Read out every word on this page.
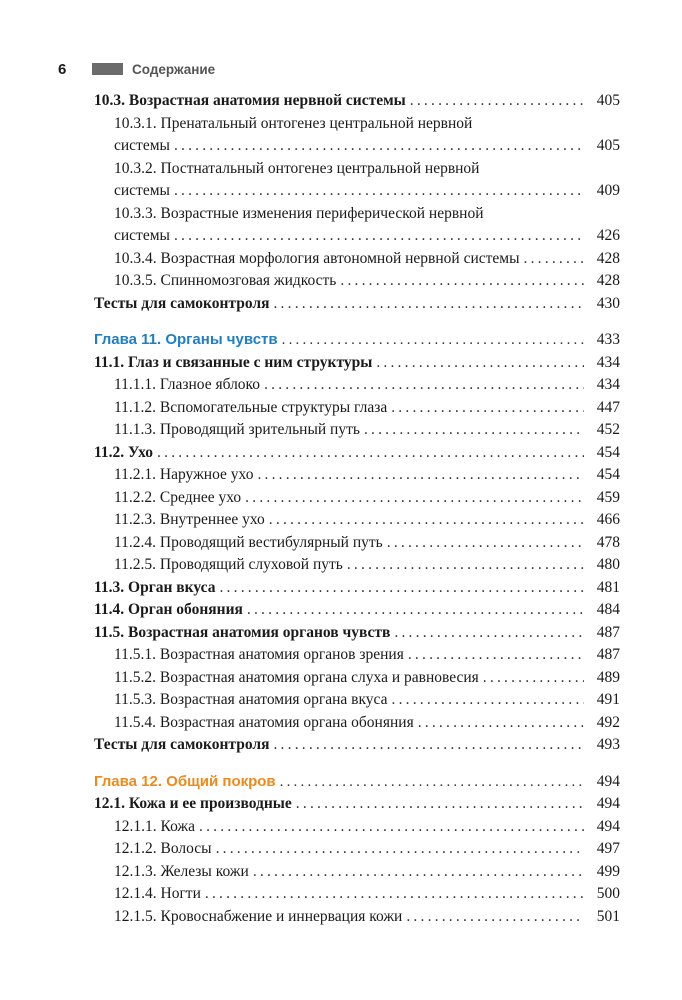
6	Содержание
10.3. Возрастная анатомия нервной системы .....	405
10.3.1. Пренатальный онтогенез центральной нервной
системы .....	405
10.3.2. Постнатальный онтогенез центральной нервной
системы .....	409
10.3.3. Возрастные изменения периферической нервной
системы .....	426
10.3.4. Возрастная морфология автономной нервной системы .....	428
10.3.5. Спинномозговая жидкость .....	428
Тесты для самоконтроля .....	430
Глава 11. Органы чувств .....	433
11.1. Глаз и связанные с ним структуры .....	434
11.1.1. Глазное яблоко .....	434
11.1.2. Вспомогательные структуры глаза .....	447
11.1.3. Проводящий зрительный путь .....	452
11.2. Ухо .....	454
11.2.1. Наружное ухо .....	454
11.2.2. Среднее ухо .....	459
11.2.3. Внутреннее ухо .....	466
11.2.4. Проводящий вестибулярный путь .....	478
11.2.5. Проводящий слуховой путь .....	480
11.3. Орган вкуса .....	481
11.4. Орган обоняния .....	484
11.5. Возрастная анатомия органов чувств .....	487
11.5.1. Возрастная анатомия органов зрения .....	487
11.5.2. Возрастная анатомия органа слуха и равновесия .....	489
11.5.3. Возрастная анатомия органа вкуса .....	491
11.5.4. Возрастная анатомия органа обоняния .....	492
Тесты для самоконтроля .....	493
Глава 12. Общий покров .....	494
12.1. Кожа и ее производные .....	494
12.1.1. Кожа .....	494
12.1.2. Волосы .....	497
12.1.3. Железы кожи .....	499
12.1.4. Ногти .....	500
12.1.5. Кровоснабжение и иннервация кожи .....	501
